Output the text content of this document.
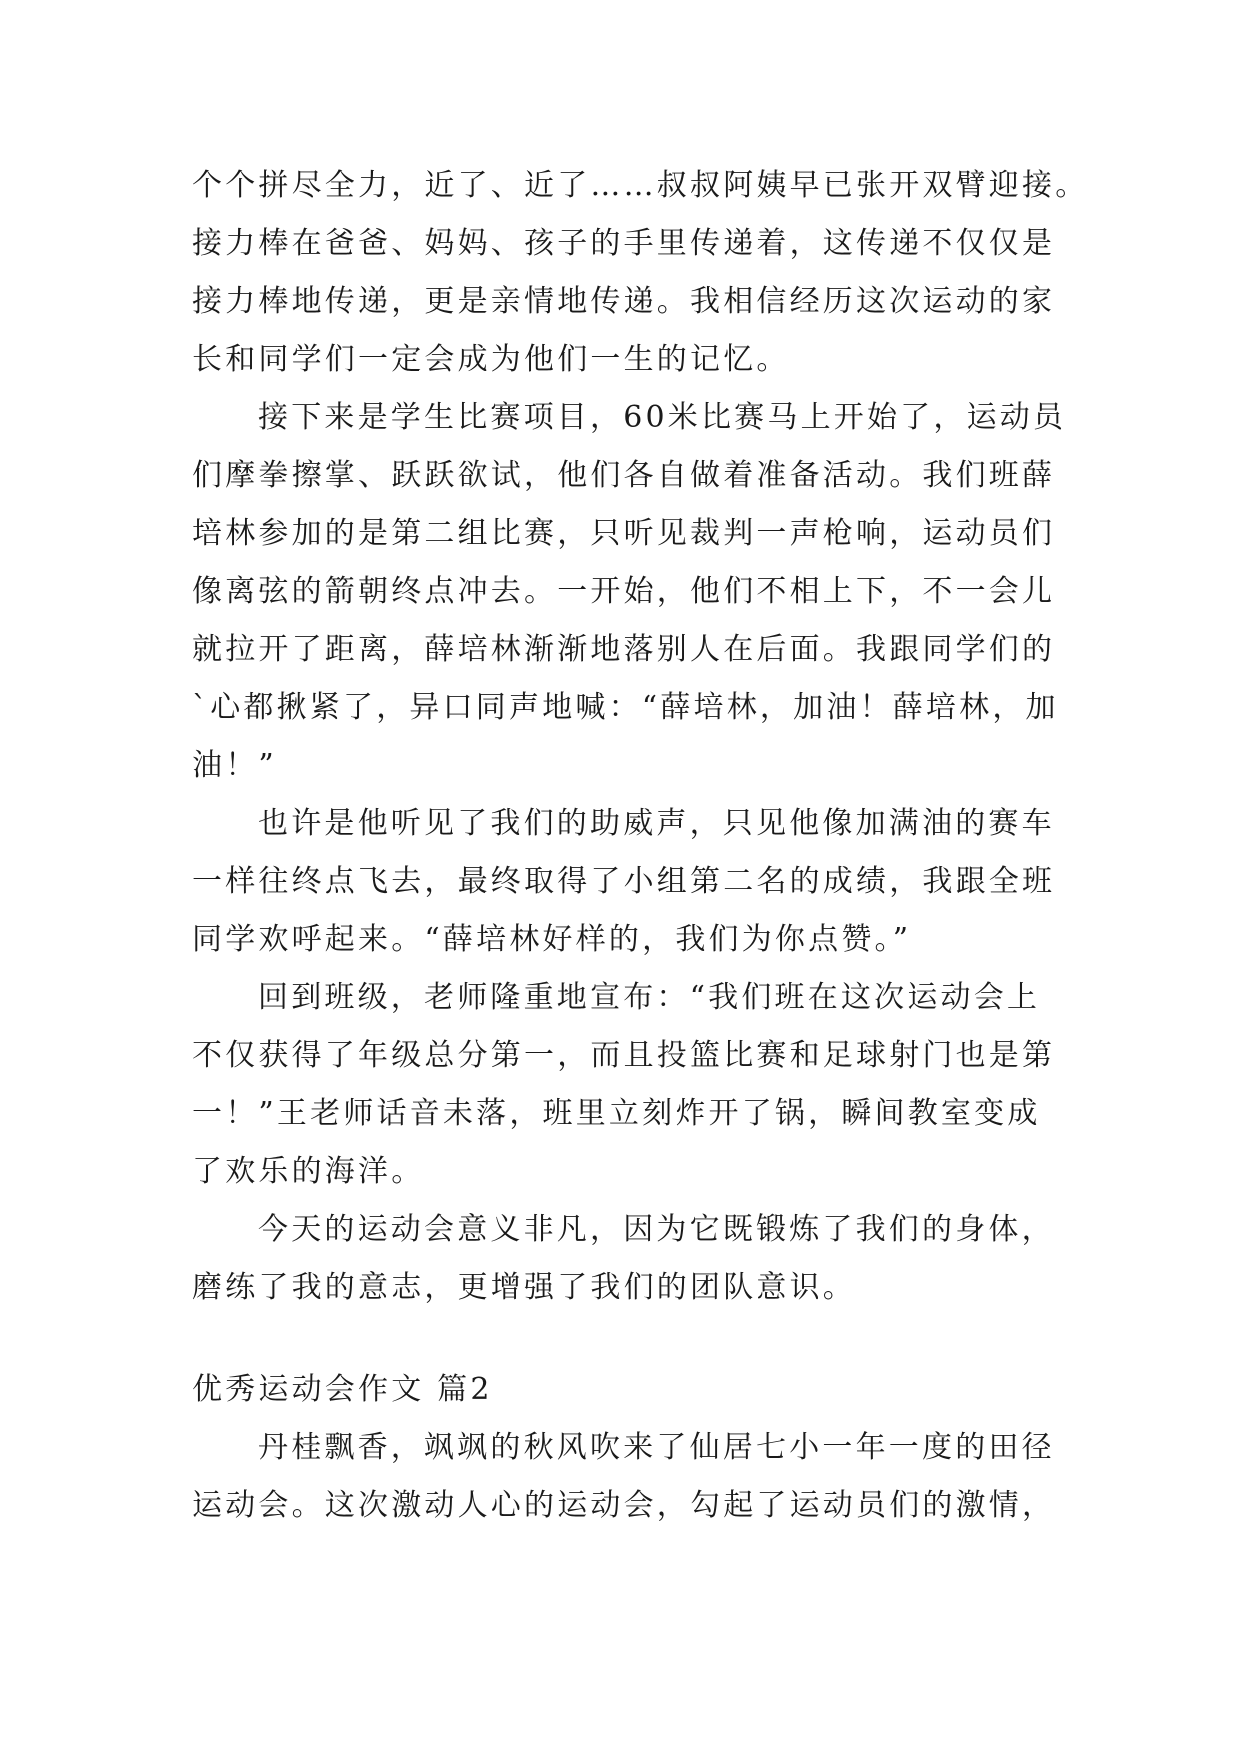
个个拼尽全力，近了、近了……叔叔阿姨早已张开双臂迎接。
接力棒在爸爸、妈妈、孩子的手里传递着，这传递不仅仅是
接力棒地传递，更是亲情地传递。我相信经历这次运动的家
长和同学们一定会成为他们一生的记忆。
接下来是学生比赛项目，60米比赛马上开始了，运动员
们摩拳擦掌、跃跃欲试，他们各自做着准备活动。我们班薛
培林参加的是第二组比赛，只听见裁判一声枪响，运动员们
像离弦的箭朝终点冲去。一开始，他们不相上下，不一会儿
就拉开了距离，薛培林渐渐地落别人在后面。我跟同学们的
`心都揪紧了，异口同声地喊：“薛培林，加油！薛培林，加
油！”
也许是他听见了我们的助威声，只见他像加满油的赛车
一样往终点飞去，最终取得了小组第二名的成绩，我跟全班
同学欢呼起来。“薛培林好样的，我们为你点赞。”
回到班级，老师隆重地宣布：“我们班在这次运动会上
不仅获得了年级总分第一，而且投篮比赛和足球射门也是第
一！”王老师话音未落，班里立刻炸开了锅，瞬间教室变成
了欢乐的海洋。
今天的运动会意义非凡，因为它既锻炼了我们的身体，
磨练了我的意志，更增强了我们的团队意识。
优秀运动会作文 篇2
丹桂飘香，飒飒的秋风吹来了仙居七小一年一度的田径
运动会。这次激动人心的运动会，勾起了运动员们的激情，
